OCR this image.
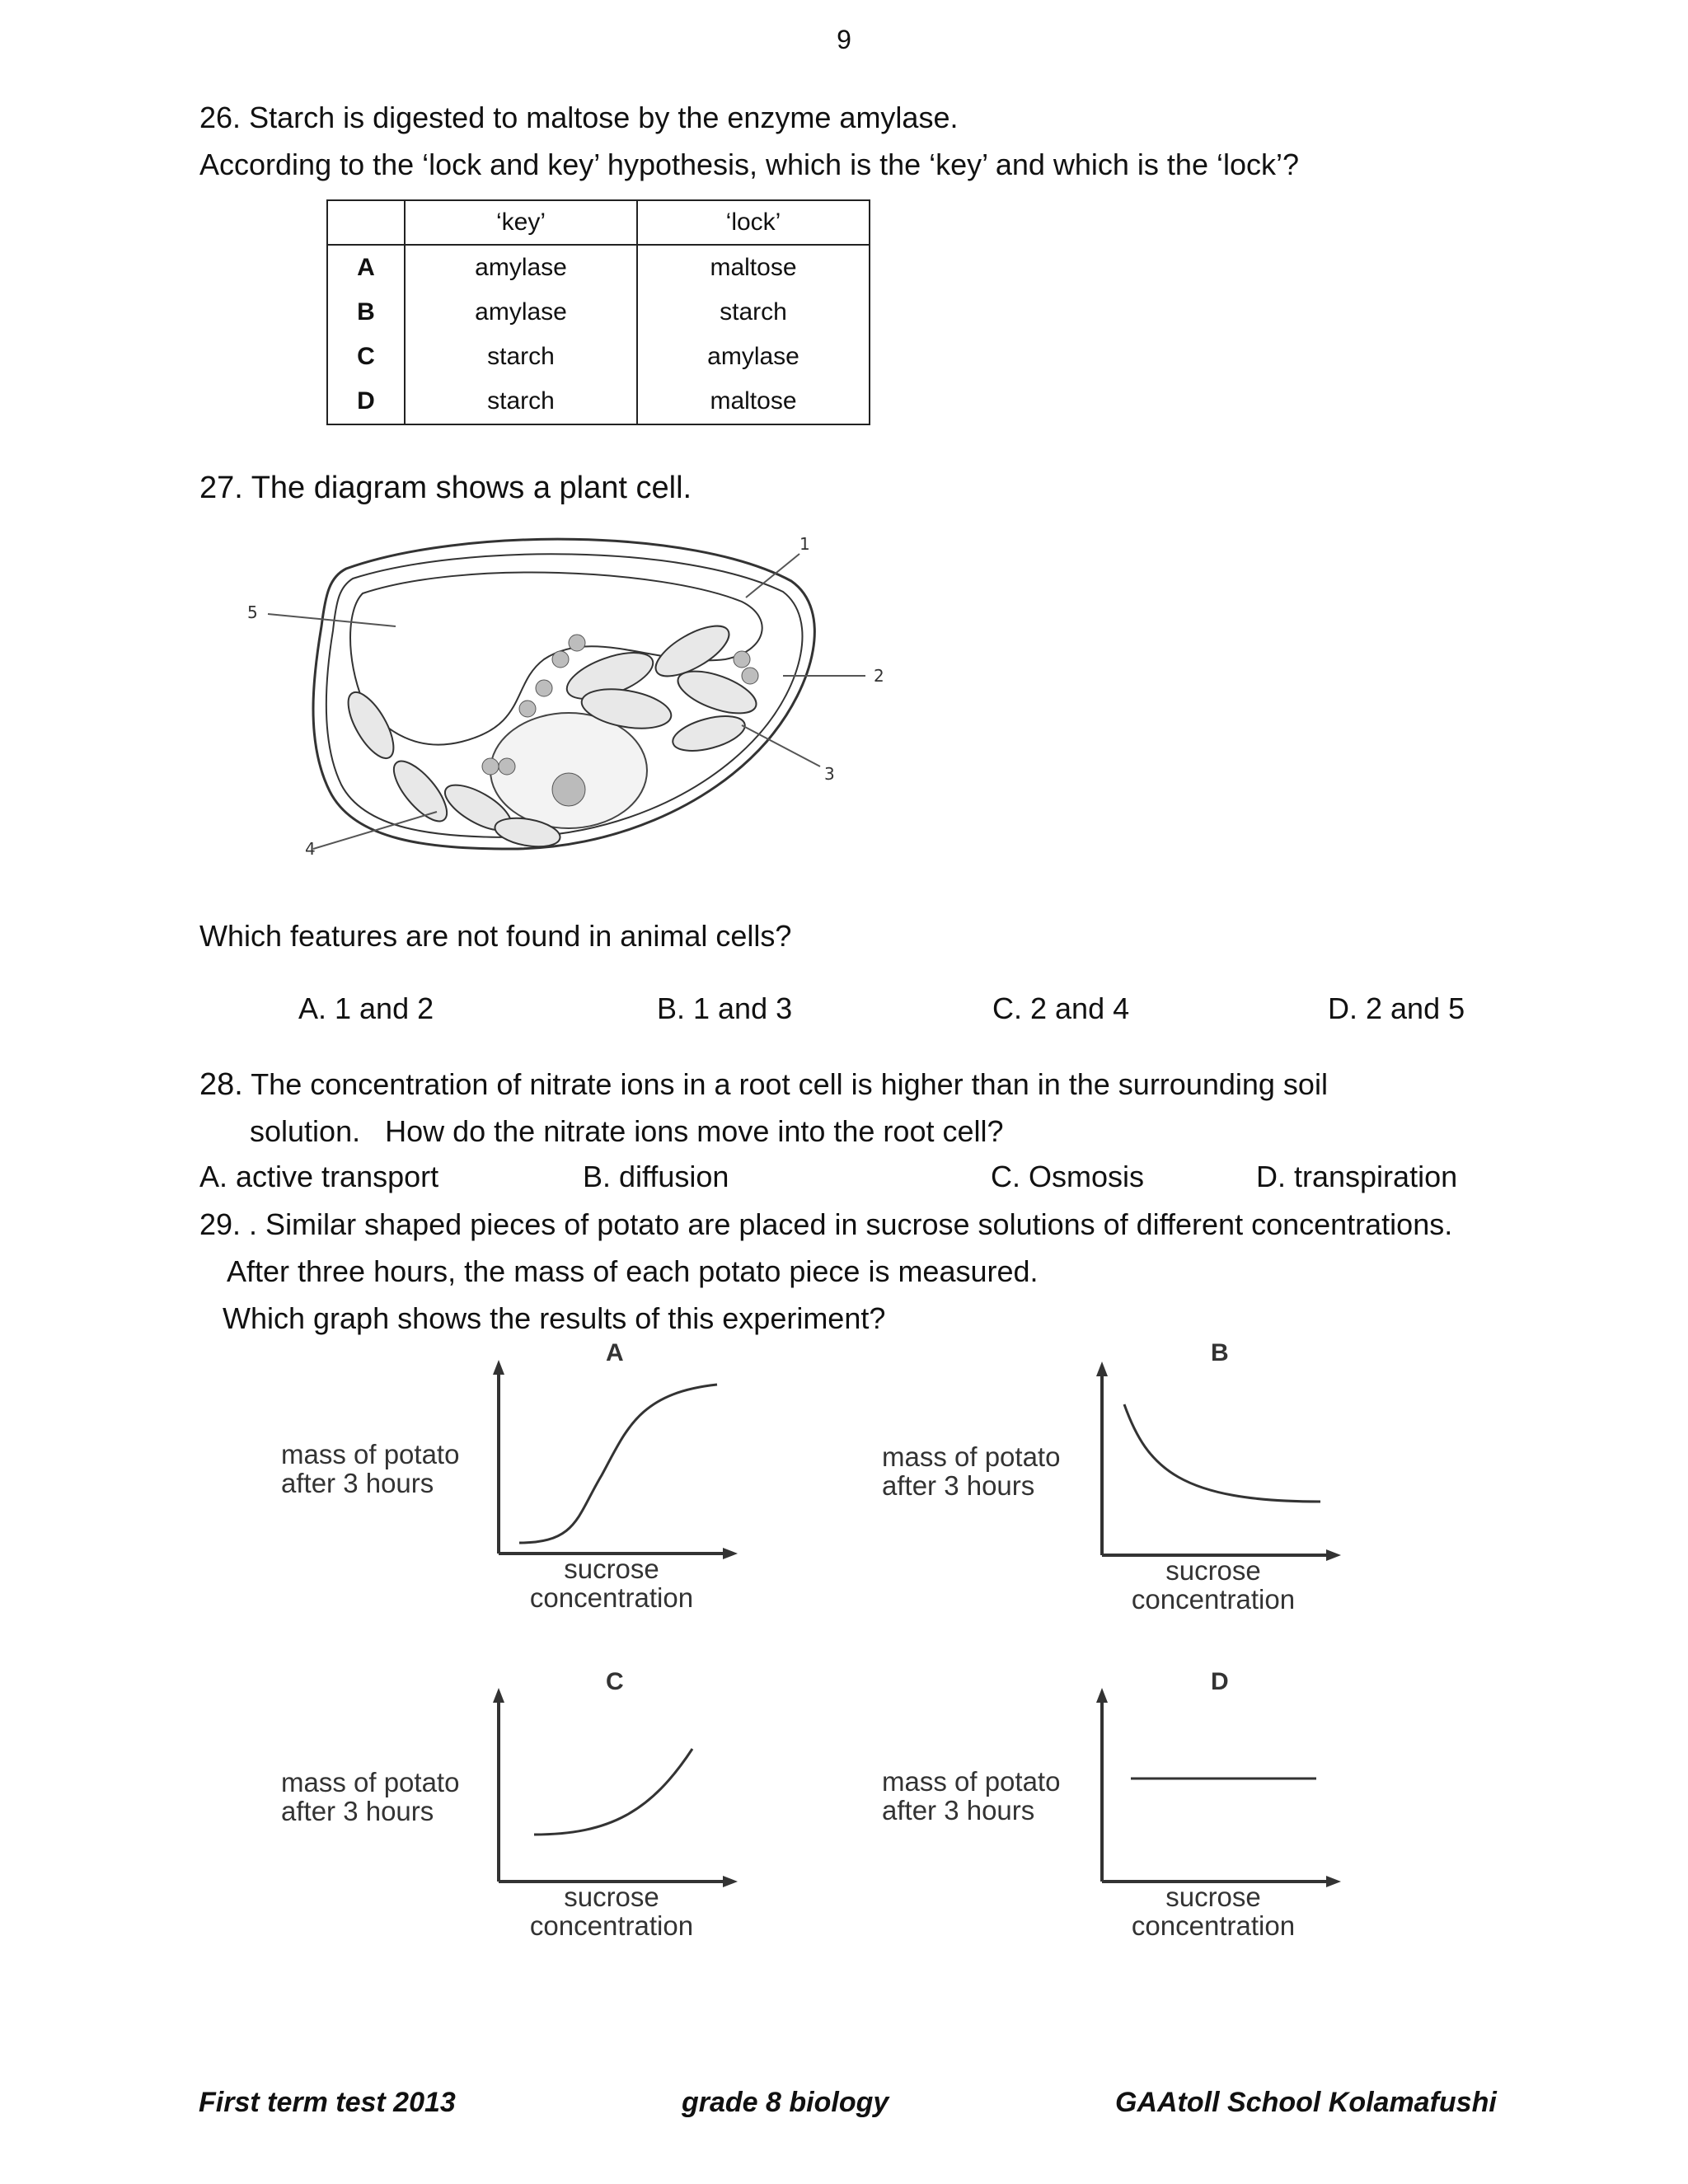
9
26. Starch is digested to maltose by the enzyme amylase.
According to the ‘lock and key’ hypothesis, which is the ‘key’ and which is the ‘lock’?
	‘key’	‘lock’
A	amylase	maltose
B	amylase	starch
C	starch	amylase
D	starch	maltose
27. The diagram shows a plant cell.
1
2
3
4
5
Which features are not found in animal cells?
A. 1 and 2	B. 1 and 3	C. 2 and 4	D. 2 and 5
28. The concentration of nitrate ions in a root cell is higher than in the surrounding soil
solution.   How do the nitrate ions move into the root cell?
A. active transport	B. diffusion	C. Osmosis	D. transpiration
29. . Similar shaped pieces of potato are placed in sucrose solutions of different concentrations.
After three hours, the mass of each potato piece is measured.
Which graph shows the results of this experiment?
A
mass of potato
after 3 hours
sucrose
concentration
B
mass of potato
after 3 hours
sucrose
concentration
C
mass of potato
after 3 hours
sucrose
concentration
D
mass of potato
after 3 hours
sucrose
concentration
First term test 2013	grade 8 biology	GAAtoll School Kolamafushi
